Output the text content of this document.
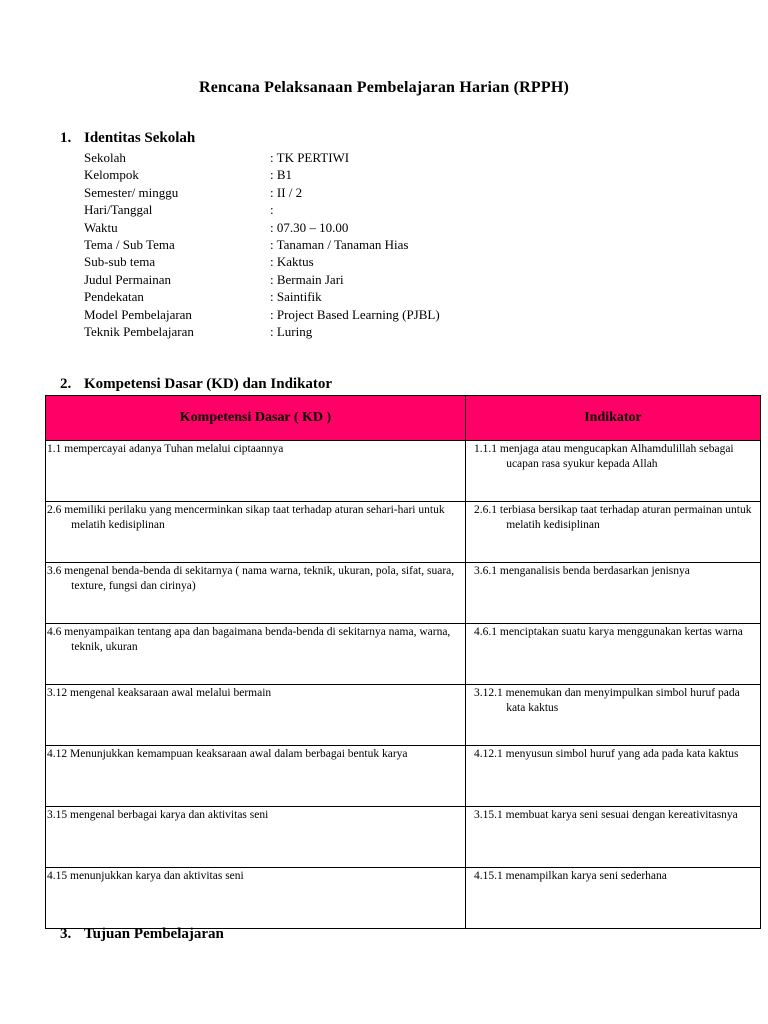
Rencana Pelaksanaan Pembelajaran Harian (RPPH)
1. Identitas Sekolah
Sekolah	: TK PERTIWI
Kelompok	: B1
Semester/ minggu	: II / 2
Hari/Tanggal	:
Waktu	: 07.30 – 10.00
Tema / Sub Tema	: Tanaman / Tanaman Hias
Sub-sub tema	: Kaktus
Judul Permainan	: Bermain Jari
Pendekatan	: Saintifik
Model Pembelajaran	: Project Based Learning (PJBL)
Teknik Pembelajaran	: Luring
2. Kompetensi Dasar (KD) dan Indikator
Kompetensi Dasar ( KD )	Indikator

1.1 mempercayai adanya Tuhan melalui ciptaannya	1.1.1 menjaga atau mengucapkan Alhamdulillah sebagai ucapan rasa syukur kepada Allah

2.6 memiliki perilaku yang mencerminkan sikap taat terhadap aturan sehari-hari untuk melatih kedisiplinan	2.6.1 terbiasa bersikap taat terhadap aturan permainan untuk melatih kedisiplinan

3.6 mengenal benda-benda di sekitarnya ( nama warna, teknik, ukuran, pola, sifat, suara, texture, fungsi dan cirinya)	3.6.1 menganalisis benda berdasarkan jenisnya

4.6 menyampaikan tentang apa dan bagaimana benda-benda di sekitarnya nama, warna, teknik, ukuran	4.6.1 menciptakan suatu karya menggunakan kertas warna

3.12 mengenal keaksaraan awal melalui bermain	3.12.1 menemukan dan menyimpulkan simbol huruf pada kata kaktus

4.12 Menunjukkan kemampuan keaksaraan awal dalam berbagai bentuk karya	4.12.1 menyusun simbol huruf yang ada pada kata kaktus

3.15 mengenal berbagai karya dan aktivitas seni	3.15.1 membuat karya seni sesuai dengan kereativitasnya

4.15 menunjukkan karya dan aktivitas seni	4.15.1 menampilkan karya seni sederhana
3. Tujuan Pembelajaran
